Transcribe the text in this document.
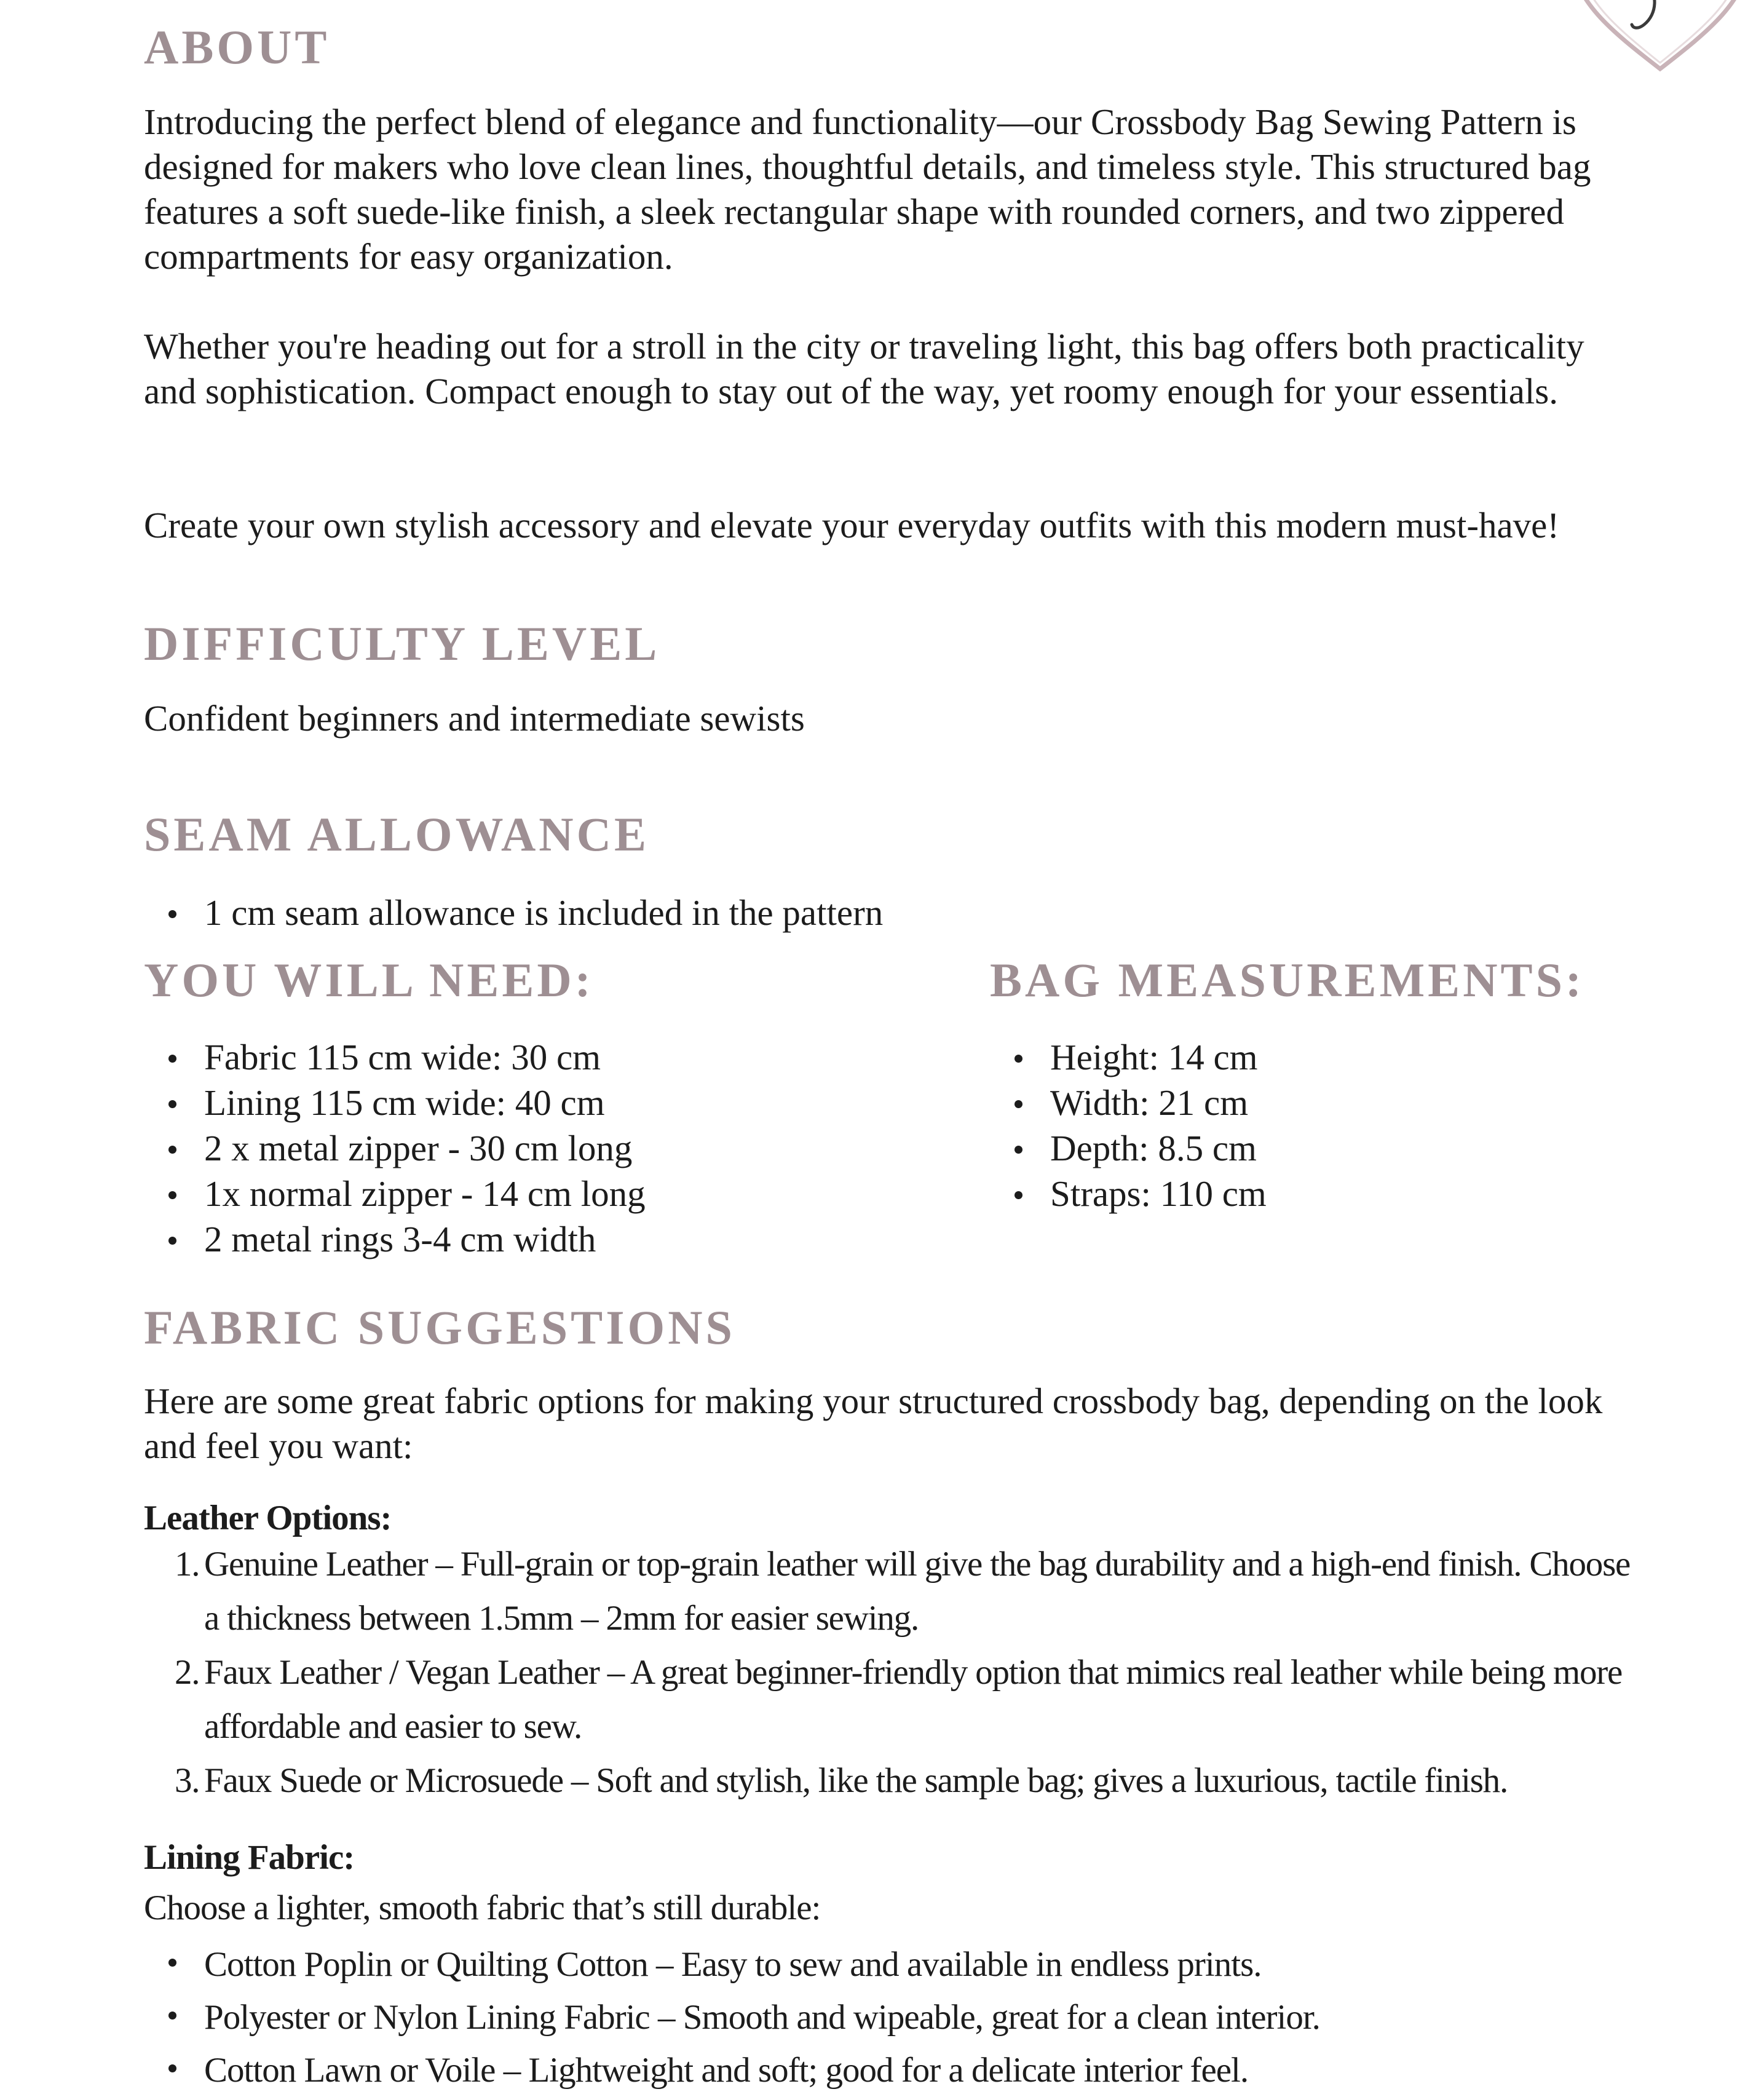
ABOUT

Introducing the perfect blend of elegance and functionality—our Crossbody Bag Sewing Pattern is designed for makers who love clean lines, thoughtful details, and timeless style. This structured bag features a soft suede-like finish, a sleek rectangular shape with rounded corners, and two zippered compartments for easy organization.

Whether you're heading out for a stroll in the city or traveling light, this bag offers both practicality and sophistication. Compact enough to stay out of the way, yet roomy enough for your essentials.

Create your own stylish accessory and elevate your everyday outfits with this modern must-have!

DIFFICULTY LEVEL

Confident beginners and intermediate sewists

SEAM ALLOWANCE
1 cm seam allowance is included in the pattern
YOU WILL NEED:
Fabric 115 cm wide: 30 cm
Lining 115 cm wide: 40 cm
2 x metal zipper - 30 cm long
1x normal zipper - 14 cm long
2 metal rings 3-4 cm width
BAG MEASUREMENTS:
Height: 14 cm
Width: 21 cm
Depth: 8.5 cm
Straps: 110 cm
FABRIC SUGGESTIONS

Here are some great fabric options for making your structured crossbody bag, depending on the look and feel you want:

Leather Options:

1. Genuine Leather – Full-grain or top-grain leather will give the bag durability and a high-end finish. Choose a thickness between 1.5mm – 2mm for easier sewing.
2. Faux Leather / Vegan Leather – A great beginner-friendly option that mimics real leather while being more affordable and easier to sew.
3. Faux Suede or Microsuede – Soft and stylish, like the sample bag; gives a luxurious, tactile finish.

Lining Fabric:

Choose a lighter, smooth fabric that’s still durable:

Cotton Poplin or Quilting Cotton – Easy to sew and available in endless prints.
Polyester or Nylon Lining Fabric – Smooth and wipeable, great for a clean interior.
Cotton Lawn or Voile – Lightweight and soft; good for a delicate interior feel.
